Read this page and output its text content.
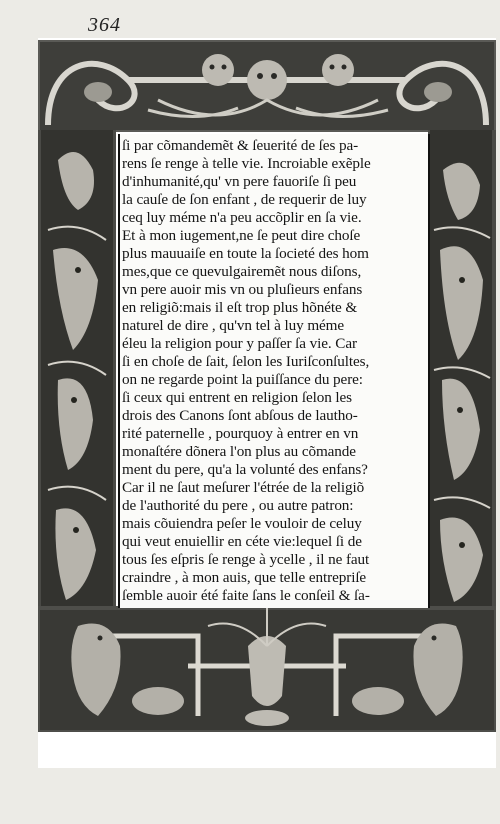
364
ſi par cõmandemẽt & ſeuerité de ſes pa-
rens ſe renge à telle vie. Incroiable exẽple
d'inhumanité,qu' vn pere fauoriſe ſi peu
la cauſe de ſon enfant , de requerir de luy
ceq luy méme n'a peu accõplir en ſa vie.
Et à mon iugement,ne ſe peut dire choſe
plus mauuaiſe en toute la ſocieté des hom
mes,que ce quevulgairemẽt nous diſons,
vn pere auoir mis vn ou pluſieurs enfans
en religiõ:mais il eſt trop plus hõnéte &
naturel de dire , qu'vn tel à luy méme
éleu la religion pour y paſſer ſa vie. Car
ſi en choſe de ſait, ſelon les Iuriſconſultes,
on ne regarde point la puiſſance du pere:
ſi ceux qui entrent en religion ſelon les
drois des Canons ſont abſous de lautho-
rité paternelle , pourquoy à entrer en vn
monaſtére dõnera l'on plus au cõmande
ment du pere, qu'a la volunté des enfans?
Car il ne ſaut meſurer l'étrée de la religiõ
de l'authorité du pere , ou autre patron:
mais cõuiendra peſer le vouloir de celuy
qui veut enuiellir en céte vie:lequel ſi de
tous ſes eſpris ſe renge à ycelle , il ne faut
craindre , à mon auis, que telle entrepriſe
ſemble auoir été faite ſans le conſeil & ſa-
